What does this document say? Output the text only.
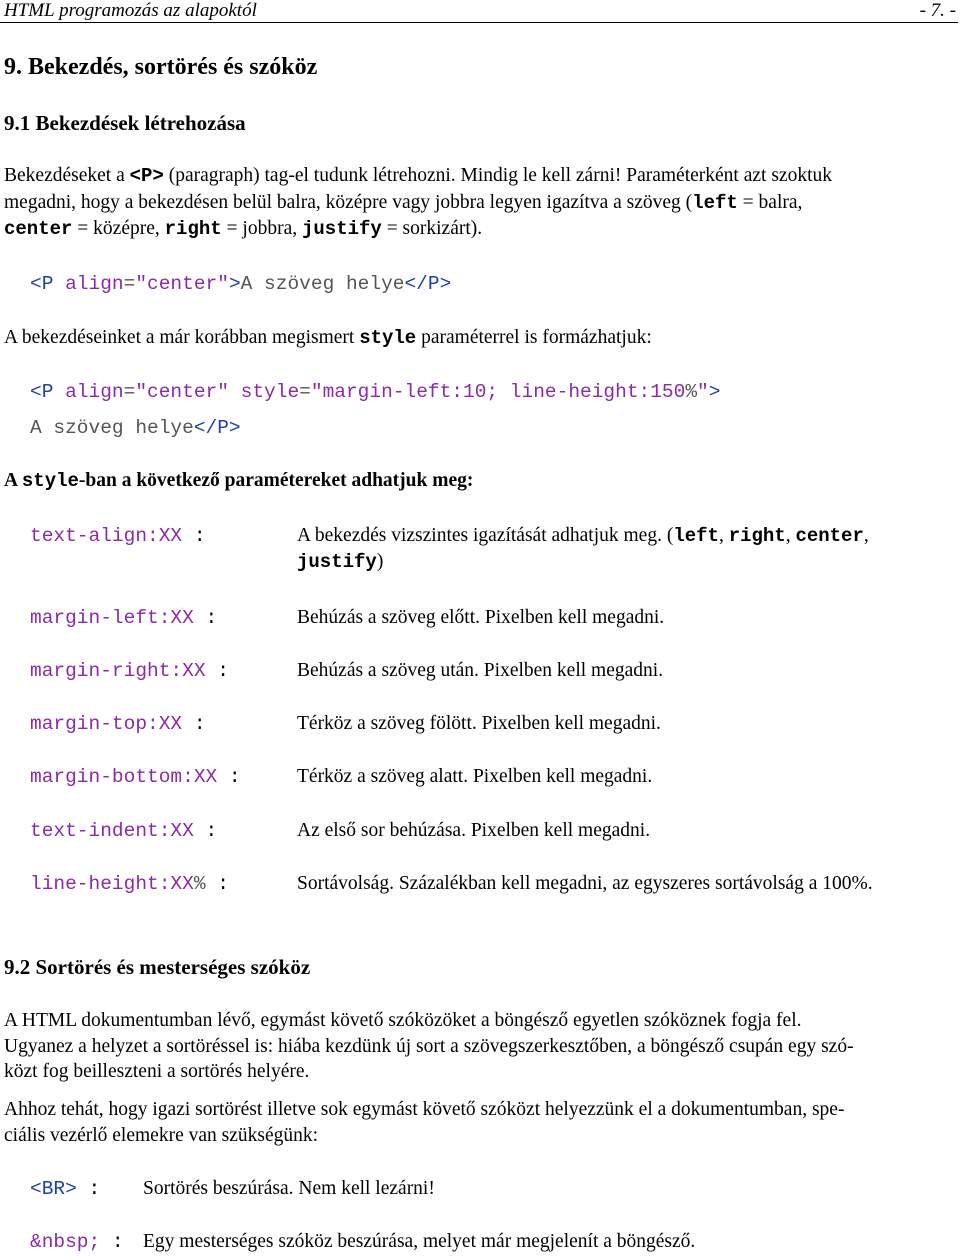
HTML programozás az alapoktól	- 7. -
9. Bekezdés, sortörés és szóköz
9.1 Bekezdések létrehozása
Bekezdéseket a <P> (paragraph) tag-el tudunk létrehozni. Mindig le kell zárni! Paraméterként azt szoktuk
megadni, hogy a bekezdésen belül balra, középre vagy jobbra legyen igazítva a szöveg (left = balra,
center = középre, right = jobbra, justify = sorkizárt).
<P align="center">A szöveg helye</P>
A bekezdéseinket a már korábban megismert style paraméterrel is formázhatjuk:
<P align="center" style="margin-left:10; line-height:150%">
A szöveg helye</P>
A style-ban a következő paramétereket adhatjuk meg:
text-align:XX :	A bekezdés vizszintes igazítását adhatjuk meg. (left, right, center,
justify)
margin-left:XX :	Behúzás a szöveg előtt. Pixelben kell megadni.
margin-right:XX :	Behúzás a szöveg után. Pixelben kell megadni.
margin-top:XX :	Térköz a szöveg fölött. Pixelben kell megadni.
margin-bottom:XX :	Térköz a szöveg alatt. Pixelben kell megadni.
text-indent:XX :	Az első sor behúzása. Pixelben kell megadni.
line-height:XX% :	Sortávolság. Százalékban kell megadni, az egyszeres sortávolság a 100%.
9.2 Sortörés és mesterséges szóköz
A HTML dokumentumban lévő, egymást követő szóközöket a böngésző egyetlen szóköznek fogja fel.
Ugyanez a helyzet a sortöréssel is: hiába kezdünk új sort a szövegszerkesztőben, a böngésző csupán egy szó-
közt fog beilleszteni a sortörés helyére.
Ahhoz tehát, hogy igazi sortörést illetve sok egymást követő szóközt helyezzünk el a dokumentumban, spe-
ciális vezérlő elemekre van szükségünk:
<BR> : Sortörés beszúrása. Nem kell lezárni!
&nbsp; : Egy mesterséges szóköz beszúrása, melyet már megjelenít a böngésző.
